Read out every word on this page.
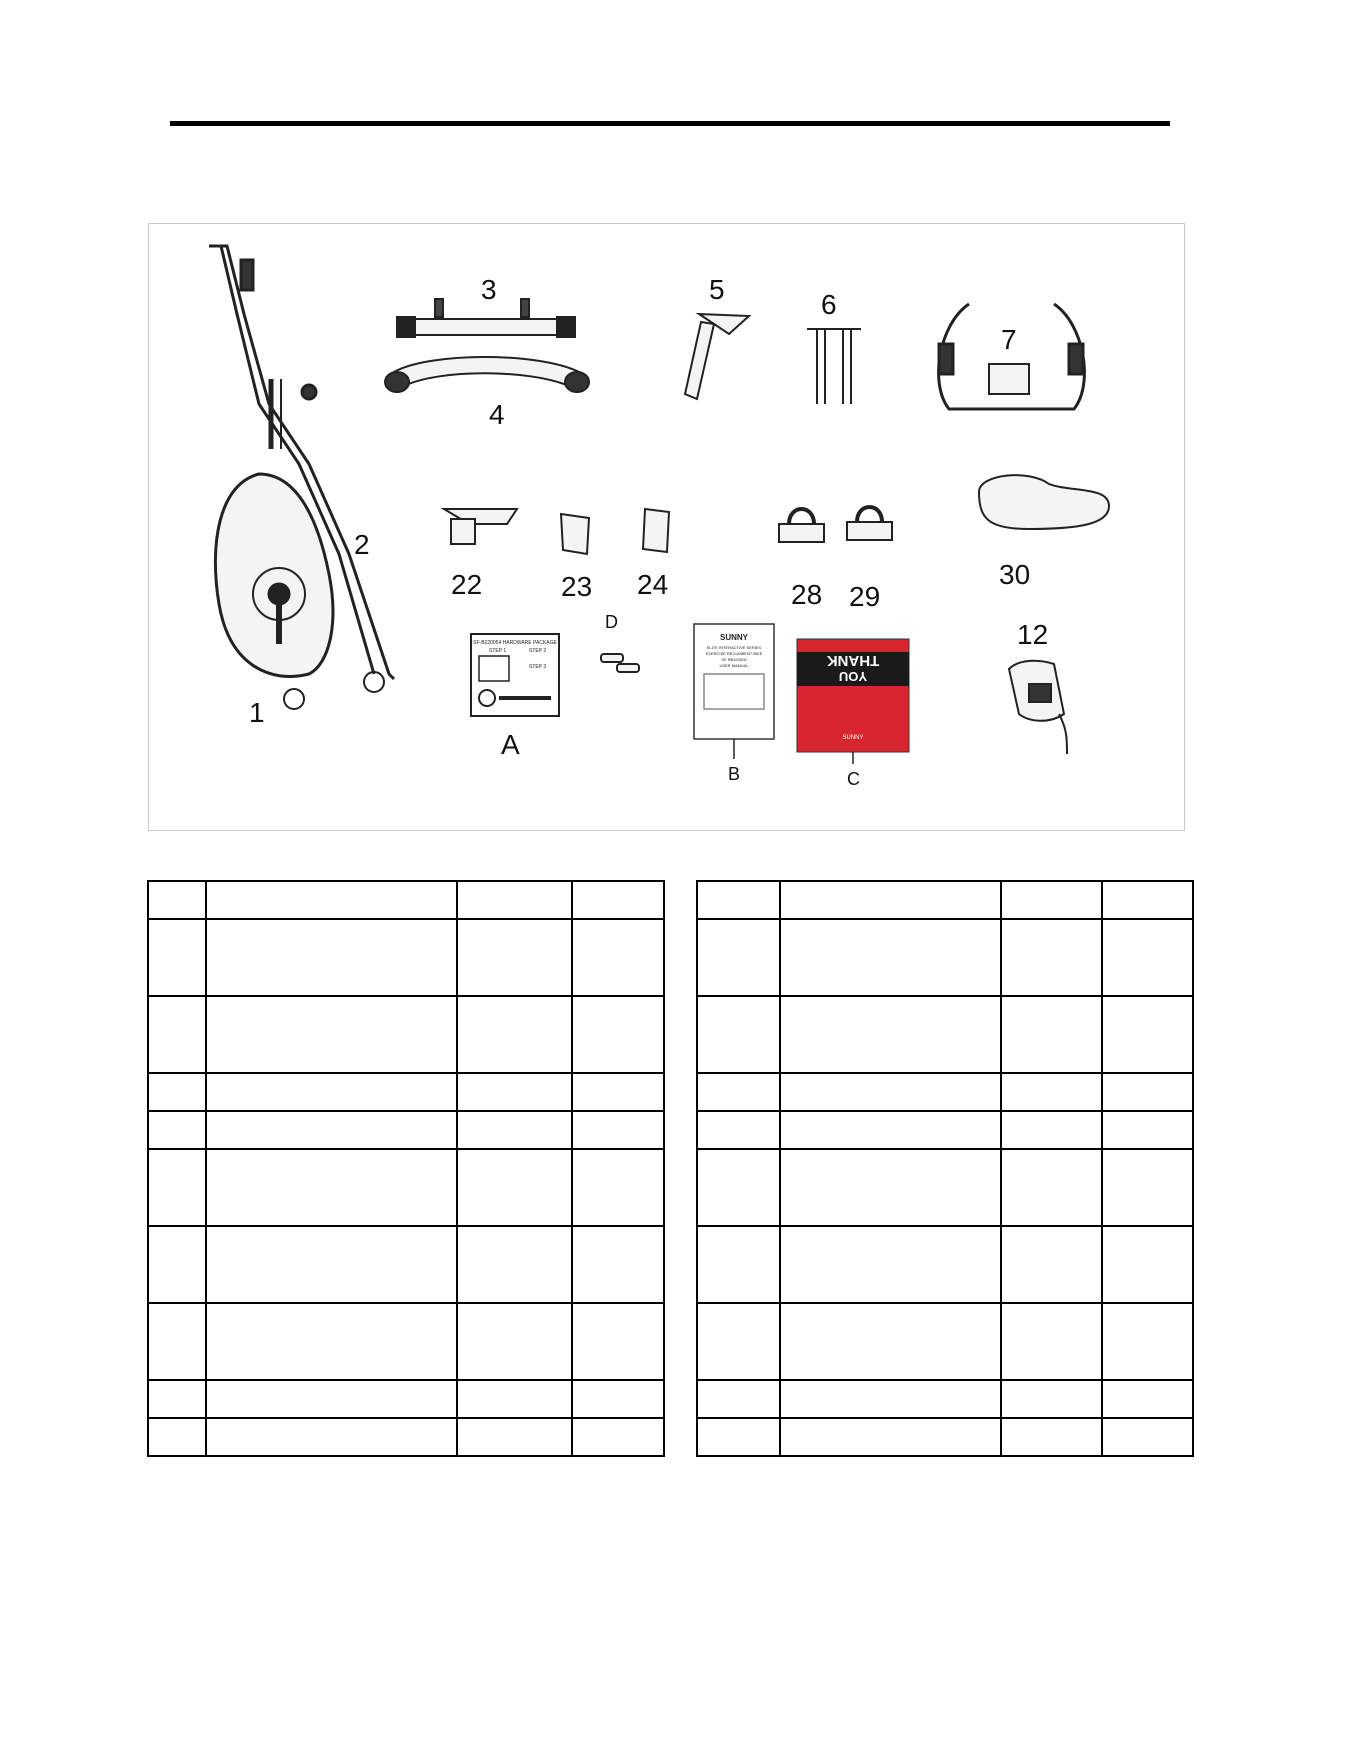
1
2
3
4
5	6
7
22	23 24	28 29
30
12
SF-B220054 HARDWARE PACKAGE
STEP 1	STEP 2
STEP 3
A
D
SUNNY
ELITE INTERACTIVE SERIES
EXERCISE RECUMBENT BIKE
SF-RB420000
USER MANUAL
B
THANK
YOU
SUNNY
C
